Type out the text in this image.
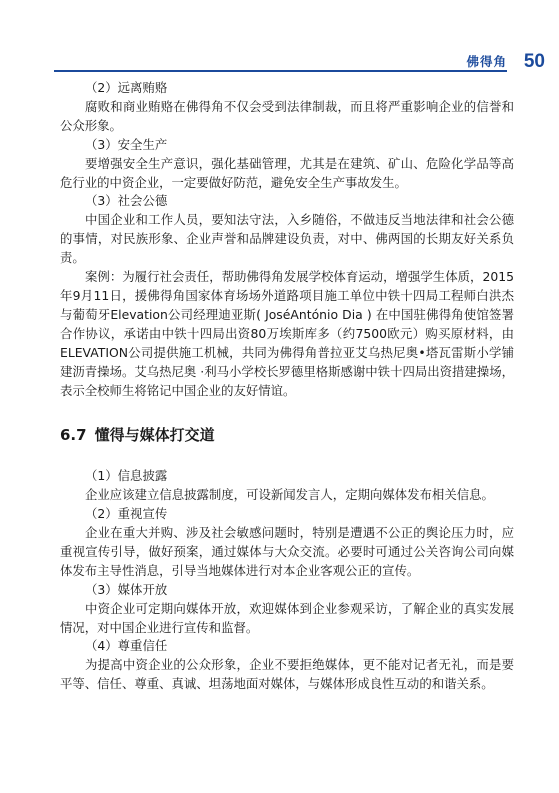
佛得角 50

（2）远离贿赂

腐败和商业贿赂在佛得角不仅会受到法律制裁，而且将严重影响企业的信誉和公众形象。

（3）安全生产

要增强安全生产意识，强化基础管理，尤其是在建筑、矿山、危险化学品等高危行业的中资企业，一定要做好防范，避免安全生产事故发生。

（3）社会公德

中国企业和工作人员，要知法守法，入乡随俗，不做违反当地法律和社会公德的事情，对民族形象、企业声誉和品牌建设负责，对中、佛两国的长期友好关系负责。

案例：为履行社会责任，帮助佛得角发展学校体育运动，增强学生体质，2015年9月11日，援佛得角国家体育场场外道路项目施工单位中铁十四局工程师白洪杰与葡萄牙Elevation公司经理迪亚斯( JoséAntónio Dia ) 在中国驻佛得角使馆签署合作协议，承诺由中铁十四局出资80万埃斯库多（约7500欧元）购买原材料，由ELEVATION公司提供施工机械，共同为佛得角普拉亚艾乌热尼奥•塔瓦雷斯小学铺建沥青操场。艾乌热尼奥 ·利马小学校长罗德里格斯感谢中铁十四局出资措建操场，表示全校师生将铭记中国企业的友好情谊。

6.7 懂得与媒体打交道

（1）信息披露

企业应该建立信息披露制度，可设新闻发言人，定期向媒体发布相关信息。

（2）重视宣传

企业在重大并购、涉及社会敏感问题时，特别是遭遇不公正的舆论压力时，应重视宣传引导，做好预案，通过媒体与大众交流。必要时可通过公关咨询公司向媒体发布主导性消息，引导当地媒体进行对本企业客观公正的宣传。

（3）媒体开放

中资企业可定期向媒体开放，欢迎媒体到企业参观采访，了解企业的真实发展情况，对中国企业进行宣传和监督。

（4）尊重信任

为提高中资企业的公众形象，企业不要拒绝媒体，更不能对记者无礼，而是要平等、信任、尊重、真诚、坦荡地面对媒体，与媒体形成良性互动的和谐关系。
